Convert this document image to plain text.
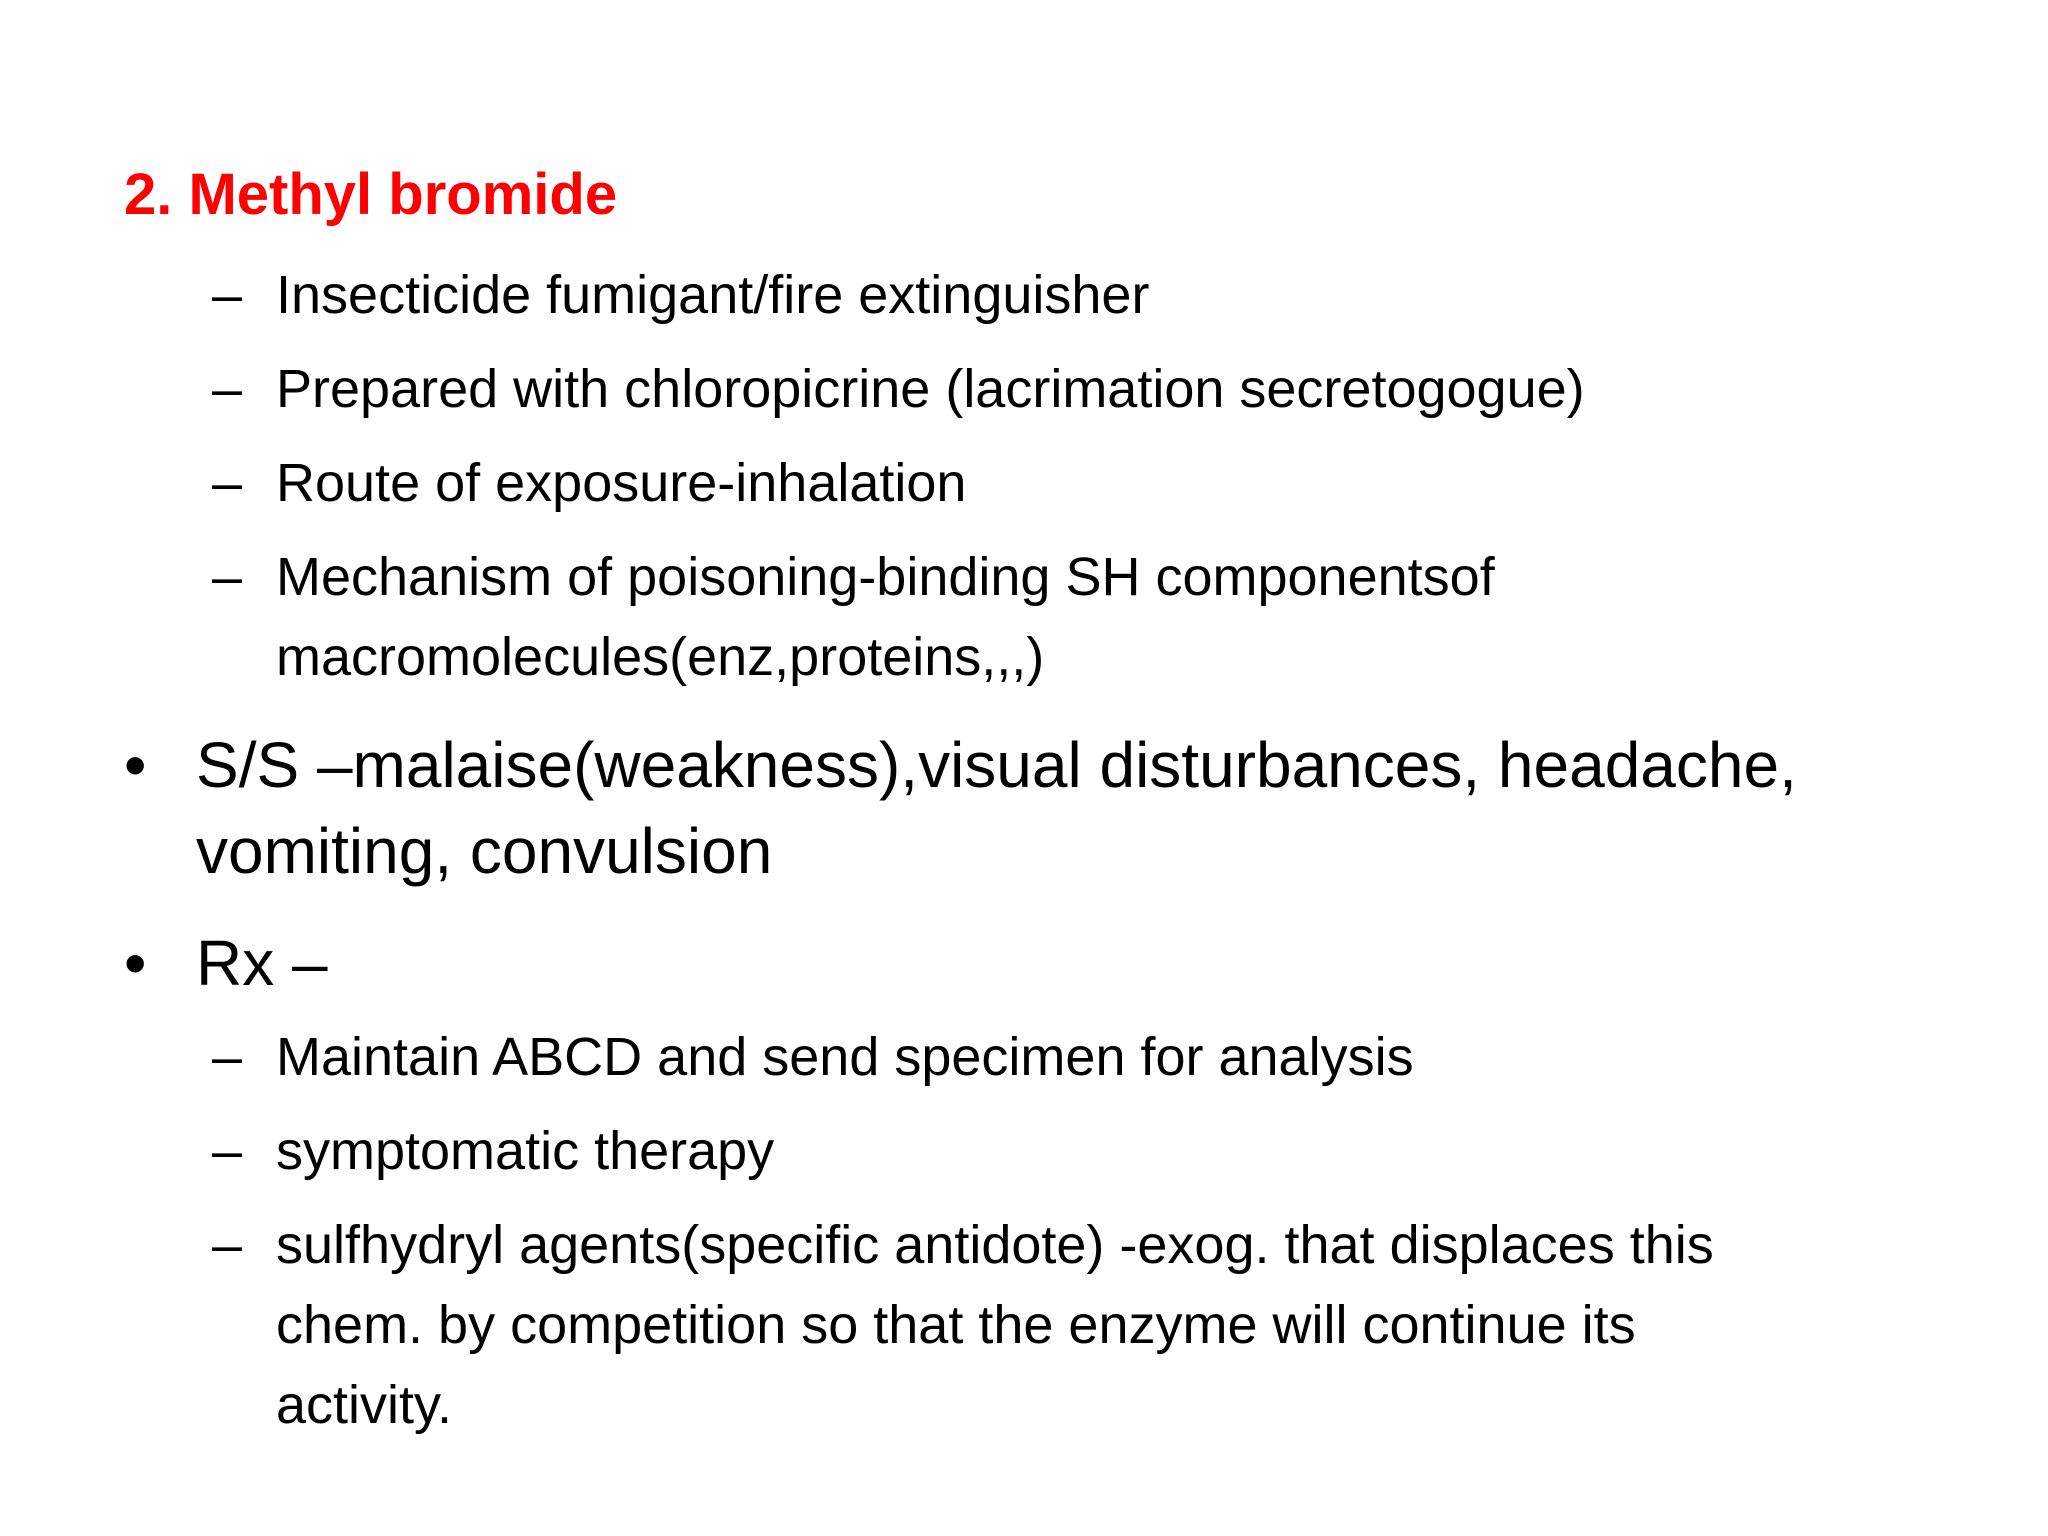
2. Methyl bromide
– Insecticide fumigant/fire extinguisher
– Prepared with chloropicrine (lacrimation secretogogue)
– Route of exposure-inhalation
– Mechanism of poisoning-binding SH componentsof
macromolecules(enz,proteins,,,)
• S/S –malaise(weakness),visual disturbances, headache,
vomiting, convulsion
• Rx –
– Maintain ABCD and send specimen for analysis
– symptomatic therapy
– sulfhydryl agents(specific antidote) -exog. that displaces this
chem. by competition so that the enzyme will continue its
activity.
